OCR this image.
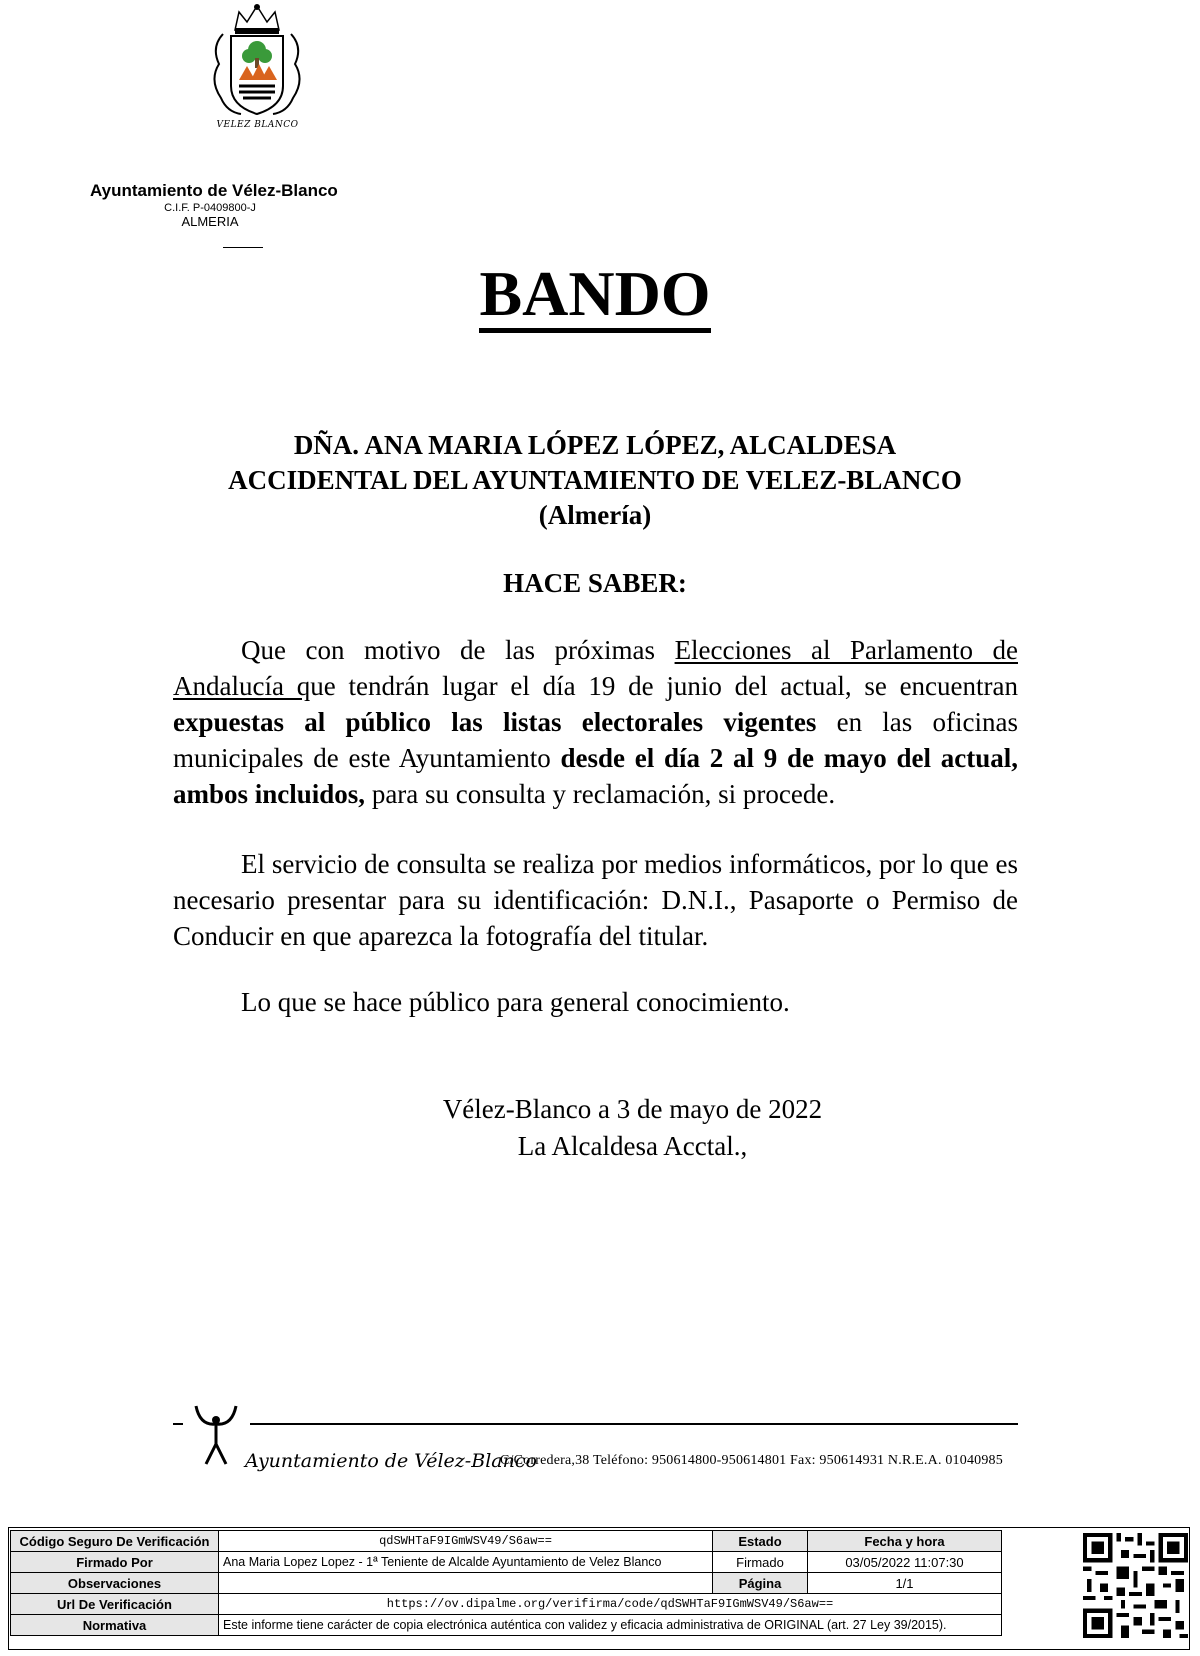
VELEZ BLANCO
Ayuntamiento de Vélez-Blanco
C.I.F. P-0409800-J
ALMERIA
BANDO
DÑA. ANA MARIA LÓPEZ LÓPEZ, ALCALDESA
ACCIDENTAL DEL AYUNTAMIENTO DE VELEZ-BLANCO
(Almería)
HACE SABER:
Que con motivo de las próximas Elecciones al Parlamento de Andalucía que tendrán lugar el día 19 de junio del actual, se encuentran expuestas al público las listas electorales vigentes en las oficinas municipales de este Ayuntamiento desde el día 2 al 9 de mayo del actual, ambos incluidos, para su consulta y reclamación, si procede.
El servicio de consulta se realiza por medios informáticos, por lo que es necesario presentar para su identificación: D.N.I., Pasaporte o Permiso de Conducir en que aparezca la fotografía del titular.
Lo que se hace público para general conocimiento.
Vélez-Blanco a 3 de mayo de 2022
La Alcaldesa Acctal.,
Ayuntamiento de Vélez-Blanco
C/Corredera,38 Teléfono: 950614800-950614801 Fax: 950614931 N.R.E.A. 01040985
Código Seguro De Verificación	qdSWHTaF9IGmWSV49/S6aw==	Estado	Fecha y hora
Firmado Por	Ana Maria Lopez Lopez - 1ª Teniente de Alcalde Ayuntamiento de Velez Blanco	Firmado	03/05/2022 11:07:30
Observaciones		Página	1/1
Url De Verificación	https://ov.dipalme.org/verifirma/code/qdSWHTaF9IGmWSV49/S6aw==		
Normativa	Este informe tiene carácter de copia electrónica auténtica con validez y eficacia administrativa de ORIGINAL (art. 27 Ley 39/2015).		
